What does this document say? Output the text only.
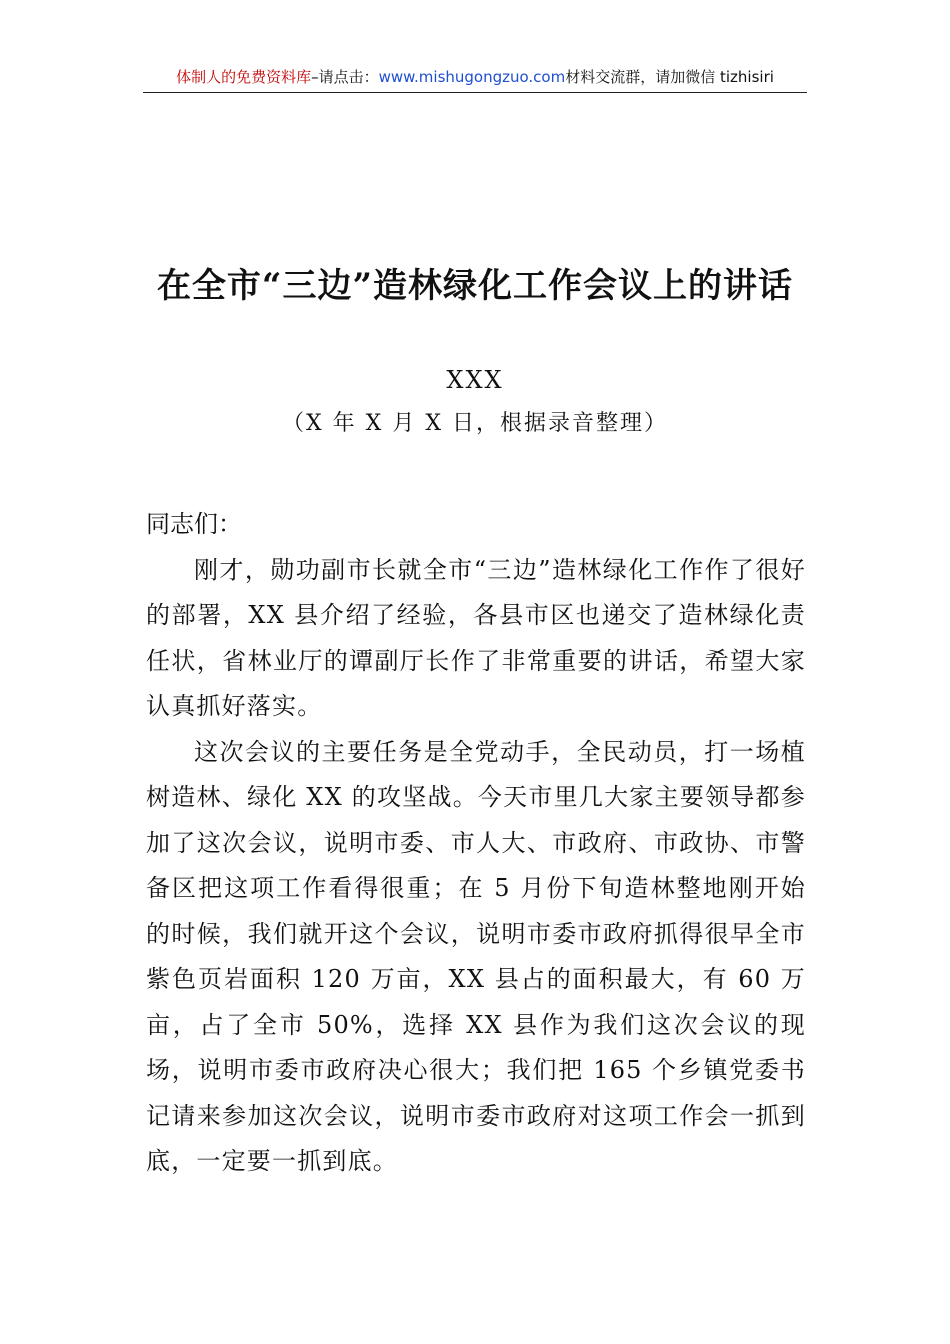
体制人的免费资料库–请点击：www.mishugongzuo.com材料交流群，请加微信 tizhisiri
在全市“三边”造林绿化工作会议上的讲话
XXX
（X 年 X 月 X 日，根据录音整理）

同志们：

刚才，勋功副市长就全市“三边”造林绿化工作作了很好的部署，XX 县介绍了经验，各县市区也递交了造林绿化责任状，省林业厅的谭副厅长作了非常重要的讲话，希望大家认真抓好落实。

这次会议的主要任务是全党动手，全民动员，打一场植树造林、绿化 XX 的攻坚战。今天市里几大家主要领导都参加了这次会议，说明市委、市人大、市政府、市政协、市警备区把这项工作看得很重；在 5 月份下旬造林整地刚开始的时候，我们就开这个会议，说明市委市政府抓得很早全市紫色页岩面积 120 万亩，XX 县占的面积最大，有 60 万亩，占了全市 50%，选择 XX 县作为我们这次会议的现场，说明市委市政府决心很大；我们把 165 个乡镇党委书记请来参加这次会议，说明市委市政府对这项工作会一抓到底，一定要一抓到底。
